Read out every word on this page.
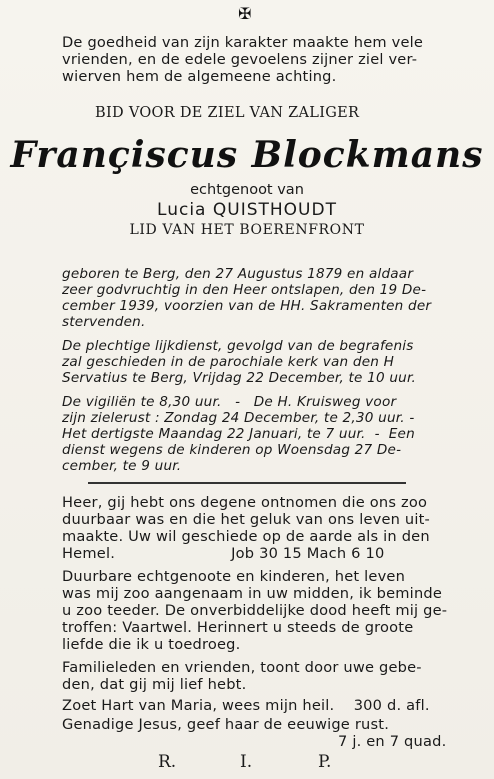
✠
De goedheid van zijn karakter maakte hem vele
vrienden, en de edele gevoelens zijner ziel ver-
wierven hem de algemeene achting.
BID VOOR DE ZIEL VAN ZALIGER
Françiscus Blockmans
echtgenoot van
Lucia QUISTHOUDT
LID VAN HET BOERENFRONT
geboren te Berg, den 27 Augustus 1879 en aldaar
zeer godvruchtig in den Heer ontslapen, den 19 De-
cember 1939, voorzien van de HH. Sakramenten der
stervenden.
De plechtige lijkdienst, gevolgd van de begrafenis
zal geschieden in de parochiale kerk van den H
Servatius te Berg, Vrijdag 22 December, te 10 uur.
De vigiliën te 8,30 uur.   -   De H. Kruisweg voor
zijn zielerust : Zondag 24 December, te 2,30 uur. -
Het dertigste Maandag 22 Januari, te 7 uur.  -  Een
dienst wegens de kinderen op Woensdag 27 De-
cember, te 9 uur.
Heer, gij hebt ons degene ontnomen die ons zoo
duurbaar was en die het geluk van ons leven uit-
maakte. Uw wil geschiede op de aarde als in den
Hemel.                        Job 30 15 Mach 6 10
Duurbare echtgenoote en kinderen, het leven
was mij zoo aangenaam in uw midden, ik beminde
u zoo teeder. De onverbiddelijke dood heeft mij ge-
troffen: Vaartwel. Herinnert u steeds de groote
liefde die ik u toedroeg.
Familieleden en vrienden, toont door uwe gebe-
den, dat gij mij lief hebt.
Zoet Hart van Maria, wees mijn heil.    300 d. afl.
Genadige Jesus, geef haar de eeuwige rust.
7 j. en 7 quad.
R.	I.	P.
